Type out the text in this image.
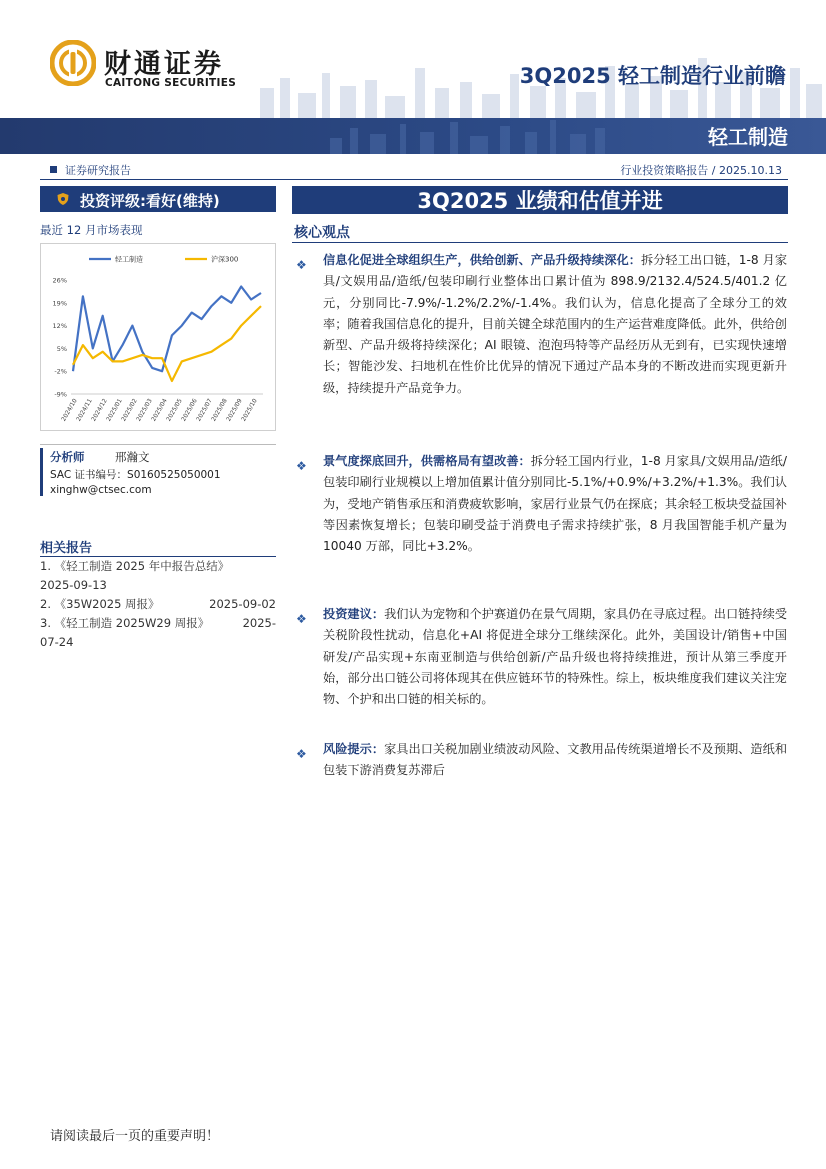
财通证券
CAITONG SECURITIES	3Q2025 轻工制造行业前瞻
轻工制造
证券研究报告	行业投资策略报告 / 2025.10.13
投资评级:看好(维持)
最近 12 月市场表现
26%
19%
12%
5%
-2%
-9%
2024/10
2024/11
2024/12
2025/01
2025/02
2025/03
2025/04
2025/05
2025/06
2025/07
2025/08
2025/09
2025/10
轻工制造	沪深300
分析师	邢瀚文
SAC 证书编号：S0160525050001
xinghw@ctsec.com
相关报告
1. 《轻工制造 2025 年中报告总结》
2025-09-13
2. 《35W2025 周报》	2025-09-02
3. 《轻工制造 2025W29 周报》	2025-
07-24
3Q2025 业绩和估值并进
核心观点
❖ 信息化促进全球组织生产，供给创新、产品升级持续深化：拆分轻工出口链，1-8 月家具/文娱用品/造纸/包装印刷行业整体出口累计值为 898.9/2132.4/524.5/401.2 亿元，分别同比-7.9%/-1.2%/2.2%/-1.4%。我们认为，信息化提高了全球分工的效率；随着我国信息化的提升，目前关键全球范围内的生产运营难度降低。此外，供给创新型、产品升级将持续深化；AI 眼镜、泡泡玛特等产品经历从无到有，已实现快速增长；智能沙发、扫地机在性价比优异的情况下通过产品本身的不断改进而实现更新升级，持续提升产品竞争力。
❖ 景气度探底回升，供需格局有望改善：拆分轻工国内行业，1-8 月家具/文娱用品/造纸/包装印刷行业规模以上增加值累计值分别同比-5.1%/+0.9%/+3.2%/+1.3%。我们认为，受地产销售承压和消费疲软影响，家居行业景气仍在探底；其余轻工板块受益国补等因素恢复增长；包装印刷受益于消费电子需求持续扩张，8 月我国智能手机产量为 10040 万部，同比+3.2%。
❖ 投资建议：我们认为宠物和个护赛道仍在景气周期，家具仍在寻底过程。出口链持续受关税阶段性扰动，信息化+AI 将促进全球分工继续深化。此外，美国设计/销售+中国研发/产品实现+东南亚制造与供给创新/产品升级也将持续推进，预计从第三季度开始，部分出口链公司将体现其在供应链环节的特殊性。综上，板块维度我们建议关注宠物、个护和出口链的相关标的。
❖ 风险提示：家具出口关税加剧业绩波动风险、文教用品传统渠道增长不及预期、造纸和包装下游消费复苏滞后
请阅读最后一页的重要声明！
